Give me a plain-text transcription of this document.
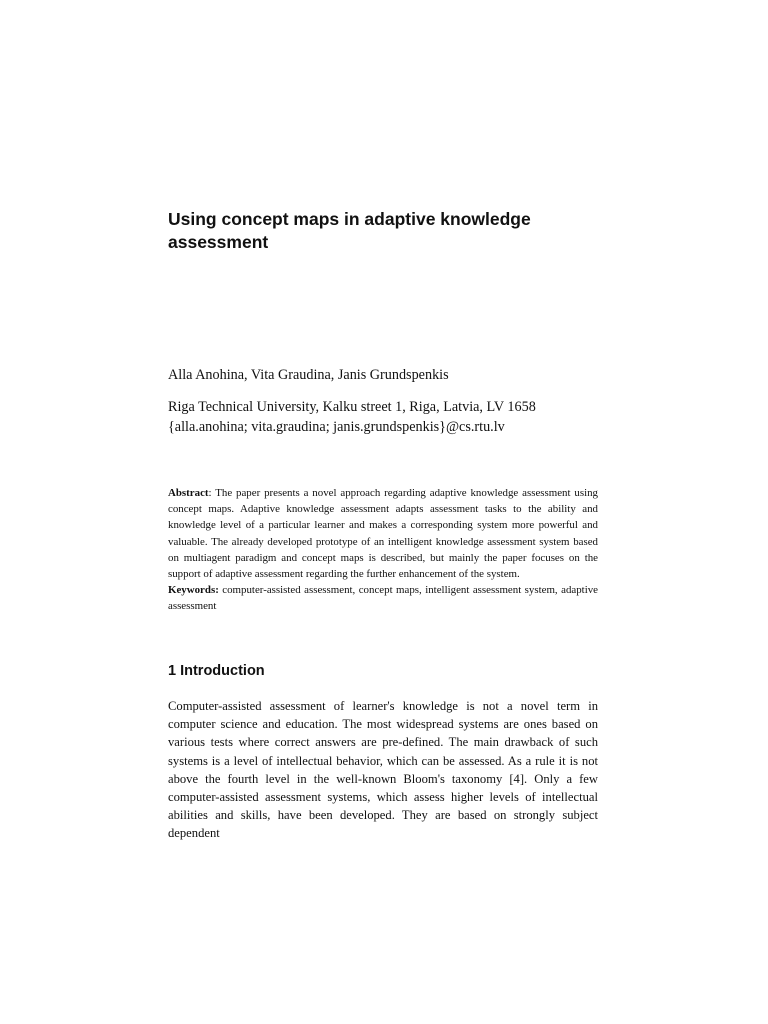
Using concept maps in adaptive knowledge assessment

Alla Anohina, Vita Graudina, Janis Grundspenkis

Riga Technical University, Kalku street 1, Riga, Latvia, LV 1658
{alla.anohina; vita.graudina; janis.grundspenkis}@cs.rtu.lv

Abstract: The paper presents a novel approach regarding adaptive knowledge assessment using concept maps. Adaptive knowledge assessment adapts assessment tasks to the ability and knowledge level of a particular learner and makes a corresponding system more powerful and valuable. The already developed prototype of an intelligent knowledge assessment system based on multiagent paradigm and concept maps is described, but mainly the paper focuses on the support of adaptive assessment regarding the further enhancement of the system.

Keywords: computer-assisted assessment, concept maps, intelligent assessment system, adaptive assessment

1 Introduction

Computer-assisted assessment of learner's knowledge is not a novel term in computer science and education. The most widespread systems are ones based on various tests where correct answers are pre-defined. The main drawback of such systems is a level of intellectual behavior, which can be assessed. As a rule it is not above the fourth level in the well-known Bloom's taxonomy [4]. Only a few computer-assisted assessment systems, which assess higher levels of intellectual abilities and skills, have been developed. They are based on strongly subject dependent
